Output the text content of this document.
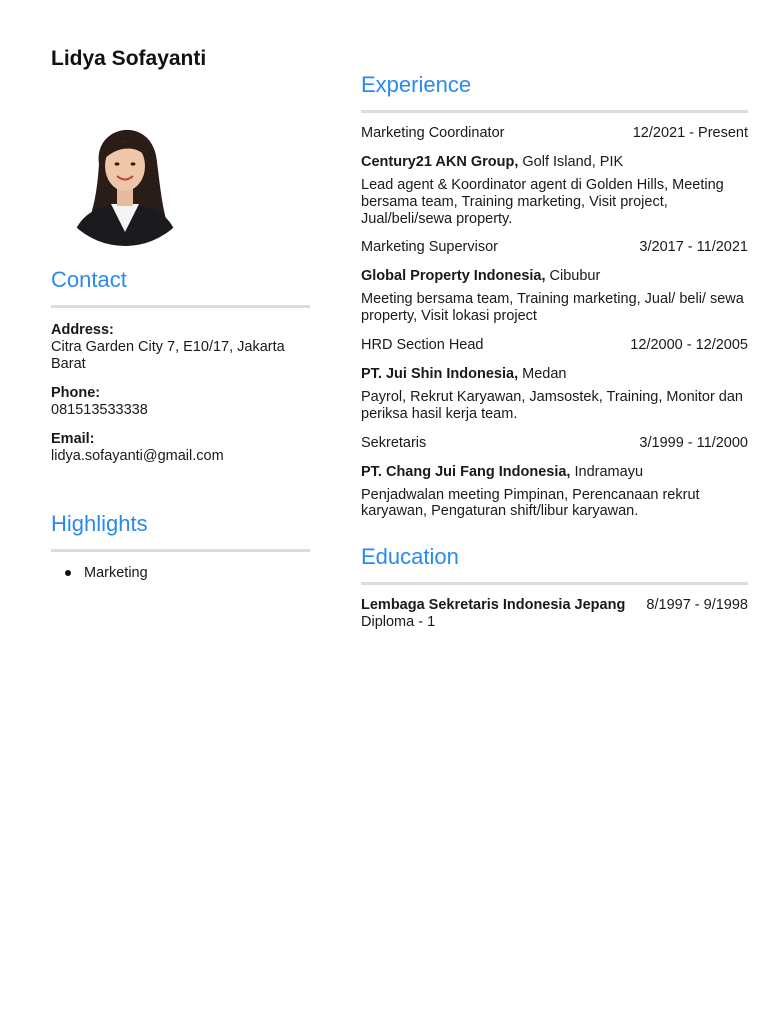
Lidya Sofayanti
Contact
Address:
Citra Garden City 7, E10/17, Jakarta Barat
Phone:
081513533338
Email:
lidya.sofayanti@gmail.com
Highlights
Marketing
Experience
Marketing Coordinator	12/2021 - Present
Century21 AKN Group, Golf Island, PIK
Lead agent & Koordinator agent di Golden Hills, Meeting bersama team, Training marketing, Visit project, Jual/beli/sewa property.
Marketing Supervisor	3/2017 - 11/2021
Global Property Indonesia, Cibubur
Meeting bersama team, Training marketing, Jual/ beli/ sewa property, Visit lokasi project
HRD Section Head	12/2000 - 12/2005
PT. Jui Shin Indonesia, Medan
Payrol, Rekrut Karyawan, Jamsostek, Training, Monitor dan periksa hasil kerja team.
Sekretaris	3/1999 - 11/2000
PT. Chang Jui Fang Indonesia, Indramayu
Penjadwalan meeting Pimpinan, Perencanaan rekrut karyawan, Pengaturan shift/libur karyawan.
Education
Lembaga Sekretaris Indonesia Jepang 8/1997 - 9/1998
Diploma - 1
